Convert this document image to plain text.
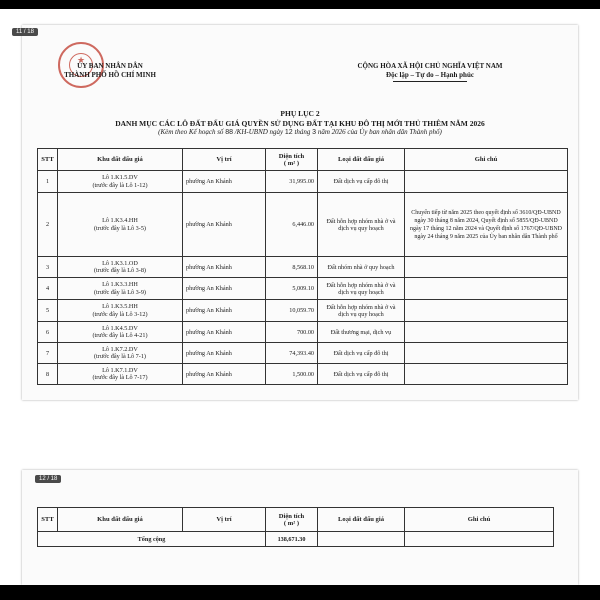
11 / 18
★
ỦY BAN NHÂN DÂN
THÀNH PHỐ HỒ CHÍ MINH
CỘNG HÒA XÃ HỘI CHỦ NGHĨA VIỆT NAM
Độc lập – Tự do – Hạnh phúc
PHỤ LỤC 2
DANH MỤC CÁC LÔ ĐẤT ĐẤU GIÁ QUYỀN SỬ DỤNG ĐẤT TẠI KHU ĐÔ THỊ MỚI THỦ THIÊM NĂM 2026
(Kèm theo Kế hoạch số 88 /KH-UBND ngày 12 tháng 3 năm 2026 của Ủy ban nhân dân Thành phố)
STT	Khu đất đấu giá	Vị trí	Diện tích
( m² )	Loại đất đấu giá	Ghi chú
1	Lô 1.K1.5.DV
(trước đây là Lô 1-12)	phường An Khánh	31,995.00	Đất dịch vụ cấp đô thị	
2	Lô 1.K3.4.HH
(trước đây là Lô 3-5)	phường An Khánh	6,446.00	Đất hỗn hợp nhóm nhà ở và dịch vụ quy hoạch	Chuyển tiếp từ năm 2025 theo quyết định số 3610/QĐ-UBND ngày 30 tháng 8 năm 2024, Quyết định số 5855/QĐ-UBND ngày 17 tháng 12 năm 2024 và Quyết định số 1767/QĐ-UBND ngày 24 tháng 9 năm 2025 của Ủy ban nhân dân Thành phố
3	Lô 1.K3.1.OD
(trước đây là Lô 3-8)	phường An Khánh	8,568.10	Đất nhóm nhà ở quy hoạch	
4	Lô 1.K3.3.HH
(trước đây là Lô 3-9)	phường An Khánh	5,009.10	Đất hỗn hợp nhóm nhà ở và dịch vụ quy hoạch	
5	Lô 1.K3.5.HH
(trước đây là Lô 3-12)	phường An Khánh	10,059.70	Đất hỗn hợp nhóm nhà ở và dịch vụ quy hoạch	
6	Lô 1.K4.5.DV
(trước đây là Lô 4-21)	phường An Khánh	700.00	Đất thương mại, dịch vụ	
7	Lô 1.K7.2.DV
(trước đây là Lô 7-1)	phường An Khánh	74,393.40	Đất dịch vụ cấp đô thị	
8	Lô 1.K7.1.DV
(trước đây là Lô 7-17)	phường An Khánh	1,500.00	Đất dịch vụ cấp đô thị	
12 / 18
STT	Khu đất đấu giá	Vị trí	Diện tích
( m² )	Loại đất đấu giá	Ghi chú
Tổng cộng			138,671.30		
